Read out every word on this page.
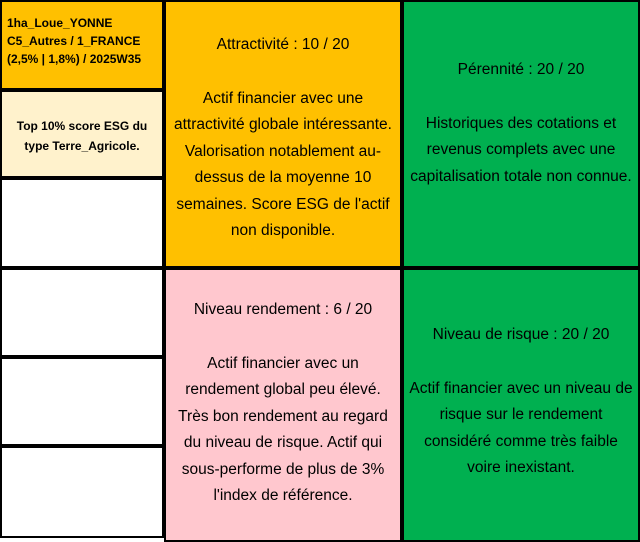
1ha_Loue_YONNE
C5_Autres / 1_FRANCE
(2,5% | 1,8%) / 2025W35
Top 10% score ESG du type Terre_Agricole.
Attractivité : 10 / 20
Actif financier avec une attractivité globale intéressante. Valorisation notablement au-dessus de la moyenne 10 semaines. Score ESG de l'actif non disponible.
Pérennité : 20 / 20
Historiques des cotations et revenus complets avec une capitalisation totale non connue.
Niveau rendement : 6 / 20
Actif financier avec un rendement global peu élevé. Très bon rendement au regard du niveau de risque. Actif qui sous-performe de plus de 3% l'index de référence.
Niveau de risque : 20 / 20
Actif financier avec un niveau de risque sur le rendement considéré comme très faible voire inexistant.
